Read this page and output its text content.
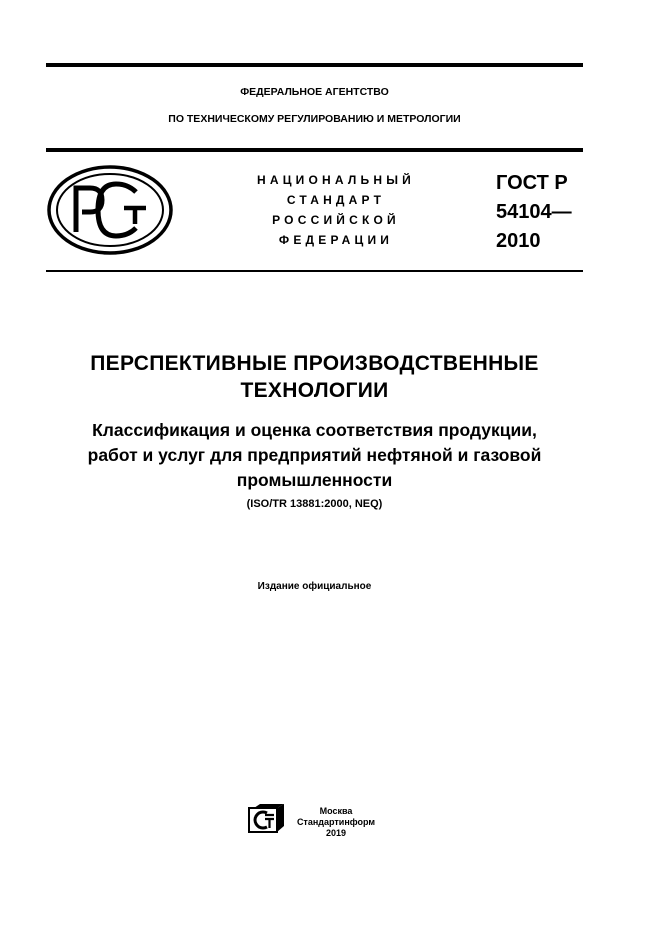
ФЕДЕРАЛЬНОЕ АГЕНТСТВО
ПО ТЕХНИЧЕСКОМУ РЕГУЛИРОВАНИЮ И МЕТРОЛОГИИ
НАЦИОНАЛЬНЫЙ
СТАНДАРТ
РОССИЙСКОЙ
ФЕДЕРАЦИИ
ГОСТ Р
54104—
2010
ПЕРСПЕКТИВНЫЕ ПРОИЗВОДСТВЕННЫЕ
ТЕХНОЛОГИИ
Классификация и оценка соответствия продукции,
работ и услуг для предприятий нефтяной и газовой
промышленности
(ISO/TR 13881:2000, NEQ)
Издание официальное
Москва
Стандартинформ
2019
